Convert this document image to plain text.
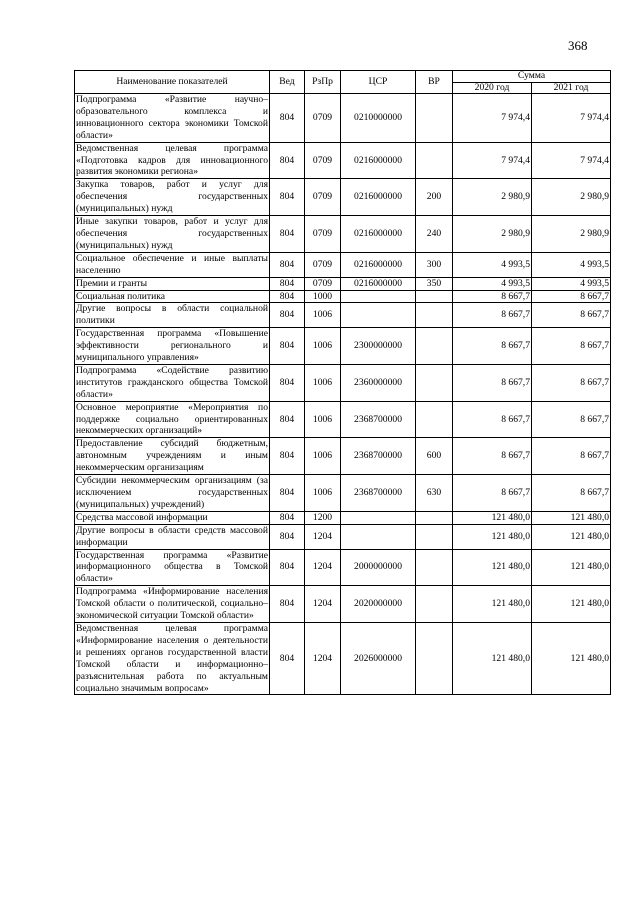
368
Наименование показателей	Вед	РзПр	ЦСР	ВР	Сумма	
					2020 год	2021 год
Подпрограмма «Развитие научно–образовательного комплекса и инновационного сектора экономики Томской области»	804	0709	0210000000		7 974,4	7 974,4
Ведомственная целевая программа «Подготовка кадров для инновационного развития экономики региона»	804	0709	0216000000		7 974,4	7 974,4
Закупка товаров, работ и услуг для обеспечения государственных (муниципальных) нужд	804	0709	0216000000	200	2 980,9	2 980,9
Иные закупки товаров, работ и услуг для обеспечения государственных (муниципальных) нужд	804	0709	0216000000	240	2 980,9	2 980,9
Социальное обеспечение и иные выплаты населению	804	0709	0216000000	300	4 993,5	4 993,5
Премии и гранты	804	0709	0216000000	350	4 993,5	4 993,5
Социальная политика	804	1000			8 667,7	8 667,7
Другие вопросы в области социальной политики	804	1006			8 667,7	8 667,7
Государственная программа «Повышение эффективности регионального и муниципального управления»	804	1006	2300000000		8 667,7	8 667,7
Подпрограмма «Содействие развитию институтов гражданского общества Томской области»	804	1006	2360000000		8 667,7	8 667,7
Основное мероприятие «Мероприятия по поддержке социально ориентированных некоммерческих организаций»	804	1006	2368700000		8 667,7	8 667,7
Предоставление субсидий бюджетным, автономным учреждениям и иным некоммерческим организациям	804	1006	2368700000	600	8 667,7	8 667,7
Субсидии некоммерческим организациям (за исключением государственных (муниципальных) учреждений)	804	1006	2368700000	630	8 667,7	8 667,7
Средства массовой информации	804	1200			121 480,0	121 480,0
Другие вопросы в области средств массовой информации	804	1204			121 480,0	121 480,0
Государственная программа «Развитие информационного общества в Томской области»	804	1204	2000000000		121 480,0	121 480,0
Подпрограмма «Информирование населения Томской области о политической, социально–экономической ситуации Томской области»	804	1204	2020000000		121 480,0	121 480,0
Ведомственная целевая программа «Информирование населения о деятельности и решениях органов государственной власти Томской области и информационно–разъяснительная работа по актуальным социально значимым вопросам»	804	1204	2026000000		121 480,0	121 480,0
